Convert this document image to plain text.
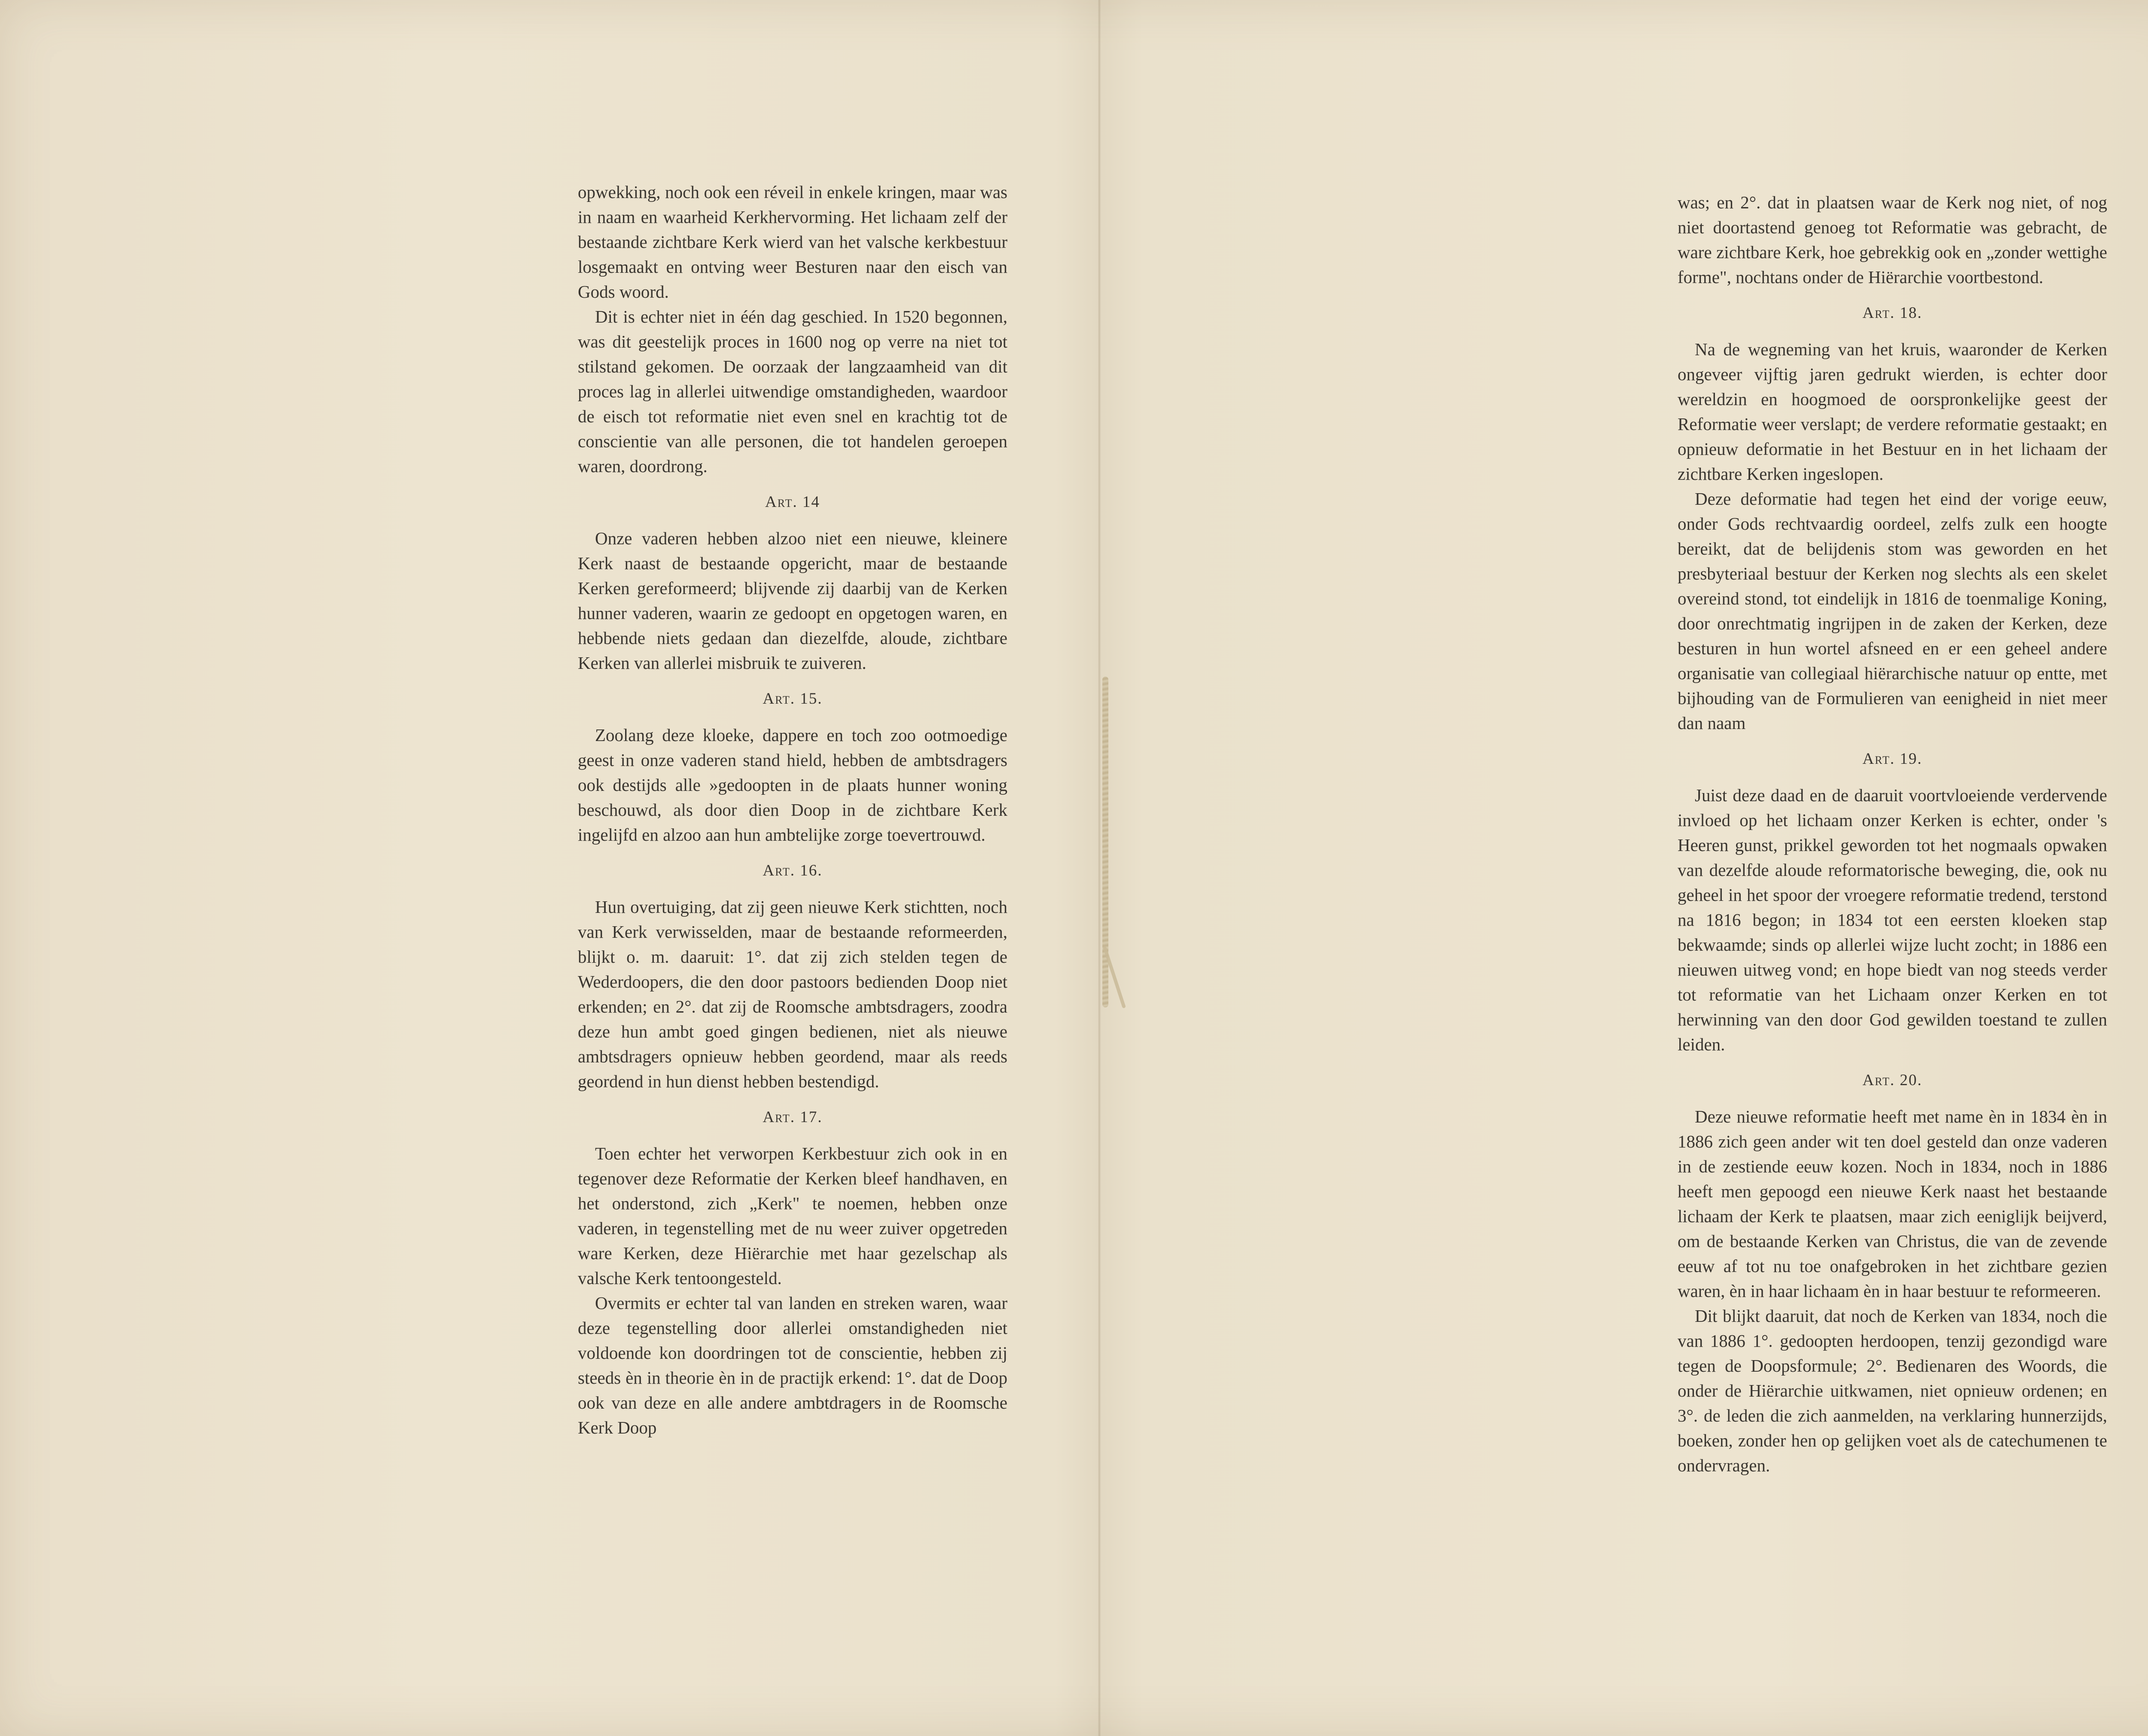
opwekking, noch ook een réveil in enkele kringen, maar was in naam en waarheid Kerkhervorming. Het lichaam zelf der bestaande zichtbare Kerk wierd van het valsche kerkbestuur losgemaakt en ontving weer Besturen naar den eisch van Gods woord.

Dit is echter niet in één dag geschied. In 1520 begonnen, was dit geestelijk proces in 1600 nog op verre na niet tot stilstand gekomen. De oorzaak der langzaamheid van dit proces lag in allerlei uitwendige omstandigheden, waardoor de eisch tot reformatie niet even snel en krachtig tot de conscientie van alle personen, die tot handelen geroepen waren, doordrong.

Art. 14

Onze vaderen hebben alzoo niet een nieuwe, kleinere Kerk naast de bestaande opgericht, maar de bestaande Kerken gereformeerd; blijvende zij daarbij van de Kerken hunner vaderen, waarin ze gedoopt en opgetogen waren, en hebbende niets gedaan dan diezelfde, aloude, zichtbare Kerken van allerlei misbruik te zuiveren.

Art. 15.

Zoolang deze kloeke, dappere en toch zoo ootmoedige geest in onze vaderen stand hield, hebben de ambtsdragers ook destijds alle »gedoopten in de plaats hunner woning beschouwd, als door dien Doop in de zichtbare Kerk ingelijfd en alzoo aan hun ambtelijke zorge toevertrouwd.

Art. 16.

Hun overtuiging, dat zij geen nieuwe Kerk stichtten, noch van Kerk verwisselden, maar de bestaande reformeerden, blijkt o. m. daaruit: 1°. dat zij zich stelden tegen de Wederdoopers, die den door pastoors bedienden Doop niet erkenden; en 2°. dat zij de Roomsche ambtsdragers, zoodra deze hun ambt goed gingen bedienen, niet als nieuwe ambtsdragers opnieuw hebben geordend, maar als reeds geordend in hun dienst hebben bestendigd.

Art. 17.

Toen echter het verworpen Kerkbestuur zich ook in en tegenover deze Reformatie der Kerken bleef handhaven, en het onderstond, zich „Kerk" te noemen, hebben onze vaderen, in tegenstelling met de nu weer zuiver opgetreden ware Kerken, deze Hiërarchie met haar gezelschap als valsche Kerk tentoongesteld.

Overmits er echter tal van landen en streken waren, waar deze tegenstelling door allerlei omstandigheden niet voldoende kon doordringen tot de conscientie, hebben zij steeds èn in theorie èn in de practijk erkend: 1°. dat de Doop ook van deze en alle andere ambtdragers in de Roomsche Kerk Doop

was; en 2°. dat in plaatsen waar de Kerk nog niet, of nog niet doortastend genoeg tot Reformatie was gebracht, de ware zichtbare Kerk, hoe gebrekkig ook en „zonder wettighe forme", nochtans onder de Hiërarchie voortbestond.

Art. 18.

Na de wegneming van het kruis, waaronder de Kerken ongeveer vijftig jaren gedrukt wierden, is echter door wereldzin en hoogmoed de oorspronkelijke geest der Reformatie weer verslapt; de verdere reformatie gestaakt; en opnieuw deformatie in het Bestuur en in het lichaam der zichtbare Kerken ingeslopen.

Deze deformatie had tegen het eind der vorige eeuw, onder Gods rechtvaardig oordeel, zelfs zulk een hoogte bereikt, dat de belijdenis stom was geworden en het presbyteriaal bestuur der Kerken nog slechts als een skelet overeind stond, tot eindelijk in 1816 de toenmalige Koning, door onrechtmatig ingrijpen in de zaken der Kerken, deze besturen in hun wortel afsneed en er een geheel andere organisatie van collegiaal hiërarchische natuur op entte, met bijhouding van de Formulieren van eenigheid in niet meer dan naam

Art. 19.

Juist deze daad en de daaruit voortvloeiende verdervende invloed op het lichaam onzer Kerken is echter, onder 's Heeren gunst, prikkel geworden tot het nogmaals opwaken van dezelfde aloude reformatorische beweging, die, ook nu geheel in het spoor der vroegere reformatie tredend, terstond na 1816 begon; in 1834 tot een eersten kloeken stap bekwaamde; sinds op allerlei wijze lucht zocht; in 1886 een nieuwen uitweg vond; en hope biedt van nog steeds verder tot reformatie van het Lichaam onzer Kerken en tot herwinning van den door God gewilden toestand te zullen leiden.

Art. 20.

Deze nieuwe reformatie heeft met name èn in 1834 èn in 1886 zich geen ander wit ten doel gesteld dan onze vaderen in de zestiende eeuw kozen. Noch in 1834, noch in 1886 heeft men gepoogd een nieuwe Kerk naast het bestaande lichaam der Kerk te plaatsen, maar zich eeniglijk beijverd, om de bestaande Kerken van Christus, die van de zevende eeuw af tot nu toe onafgebroken in het zichtbare gezien waren, èn in haar lichaam èn in haar bestuur te reformeeren.

Dit blijkt daaruit, dat noch de Kerken van 1834, noch die van 1886 1°. gedoopten herdoopen, tenzij gezondigd ware tegen de Doopsformule; 2°. Bedienaren des Woords, die onder de Hiërarchie uitkwamen, niet opnieuw ordenen; en 3°. de leden die zich aanmelden, na verklaring hunnerzijds, boeken, zonder hen op gelijken voet als de catechumenen te ondervragen.
